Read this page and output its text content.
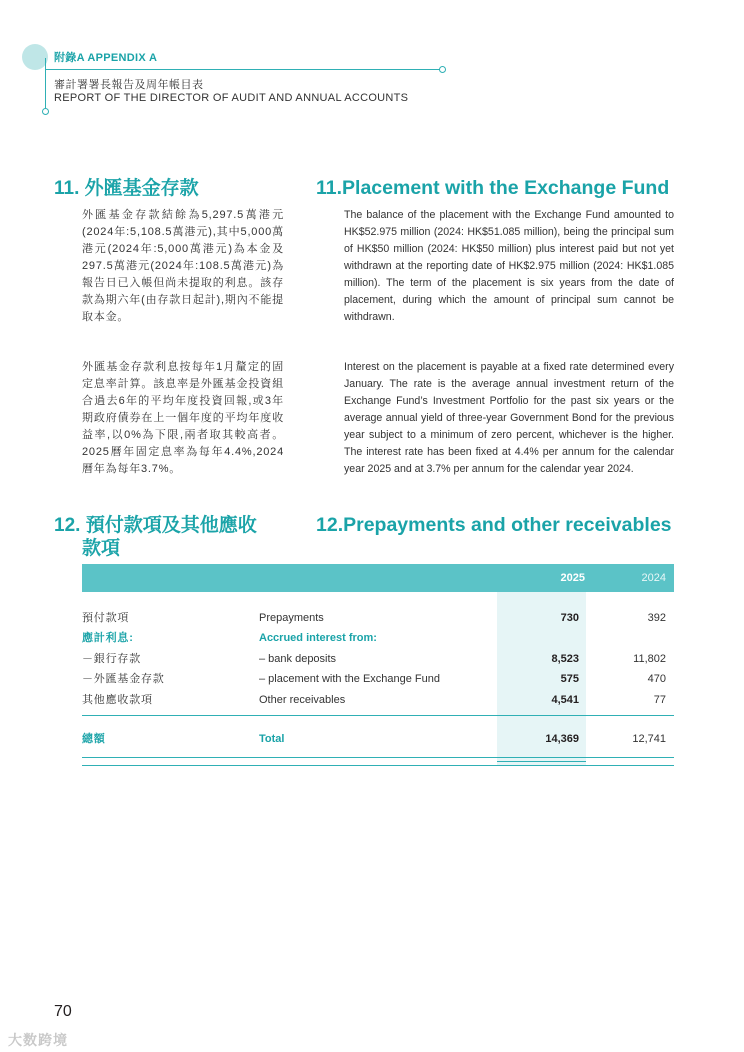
附錄A APPENDIX A
審計署署長報告及周年帳目表
REPORT OF THE DIRECTOR OF AUDIT AND ANNUAL ACCOUNTS
11. 外匯基金存款	11.Placement with the Exchange Fund
外匯基金存款結餘為5,297.5萬港元(2024年:5,108.5萬港元),其中5,000萬港元(2024年:5,000萬港元)為本金及297.5萬港元(2024年:108.5萬港元)為報告日已入帳但尚未提取的利息。該存款為期六年(由存款日起計),期內不能提取本金。
The balance of the placement with the Exchange Fund amounted to HK$52.975 million (2024: HK$51.085 million), being the principal sum of HK$50 million (2024: HK$50 million) plus interest paid but not yet withdrawn at the reporting date of HK$2.975 million (2024: HK$1.085 million). The term of the placement is six years from the date of placement, during which the amount of principal sum cannot be withdrawn.
外匯基金存款利息按每年1月釐定的固定息率計算。該息率是外匯基金投資組合過去6年的平均年度投資回報,或3年期政府債券在上一個年度的平均年度收益率,以0%為下限,兩者取其較高者。2025曆年固定息率為每年4.4%,2024曆年為每年3.7%。
Interest on the placement is payable at a fixed rate determined every January. The rate is the average annual investment return of the Exchange Fund’s Investment Portfolio for the past six years or the average annual yield of three-year Government Bond for the previous year subject to a minimum of zero percent, whichever is the higher. The interest rate has been fixed at 4.4% per annum for the calendar year 2025 and at 3.7% per annum for the calendar year 2024.
12. 預付款項及其他應收
款項
12.Prepayments and other receivables
2025	2024
預付款項	Prepayments	730	392
應計利息:	Accrued interest from:
－銀行存款	– bank deposits	8,523	11,802
－外匯基金存款	– placement with the Exchange Fund	575	470
其他應收款項	Other receivables	4,541	77
總額	Total	14,369	12,741
70
大数跨境
